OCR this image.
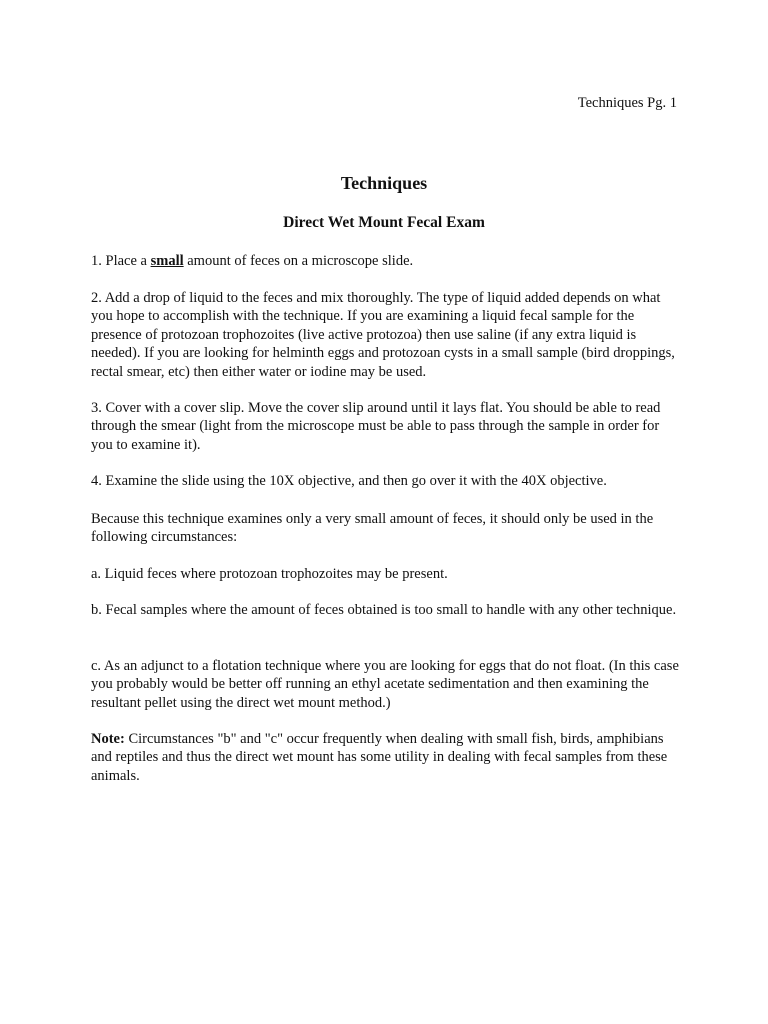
Techniques Pg. 1
Techniques
Direct Wet Mount Fecal Exam

1. Place a small amount of feces on a microscope slide.

2. Add a drop of liquid to the feces and mix thoroughly. The type of liquid added depends on what you hope to accomplish with the technique. If you are examining a liquid fecal sample for the presence of protozoan trophozoites (live active protozoa) then use saline (if any extra liquid is needed). If you are looking for helminth eggs and protozoan cysts in a small sample (bird droppings, rectal smear, etc) then either water or iodine may be used.

3. Cover with a cover slip. Move the cover slip around until it lays flat. You should be able to read through the smear (light from the microscope must be able to pass through the sample in order for you to examine it).

4. Examine the slide using the 10X objective, and then go over it with the 40X objective.

Because this technique examines only a very small amount of feces, it should only be used in the following circumstances:

a. Liquid feces where protozoan trophozoites may be present.

b. Fecal samples where the amount of feces obtained is too small to handle with any other technique.

c. As an adjunct to a flotation technique where you are looking for eggs that do not float. (In this case you probably would be better off running an ethyl acetate sedimentation and then examining the resultant pellet using the direct wet mount method.)

Note: Circumstances "b" and "c" occur frequently when dealing with small fish, birds, amphibians and reptiles and thus the direct wet mount has some utility in dealing with fecal samples from these animals.
